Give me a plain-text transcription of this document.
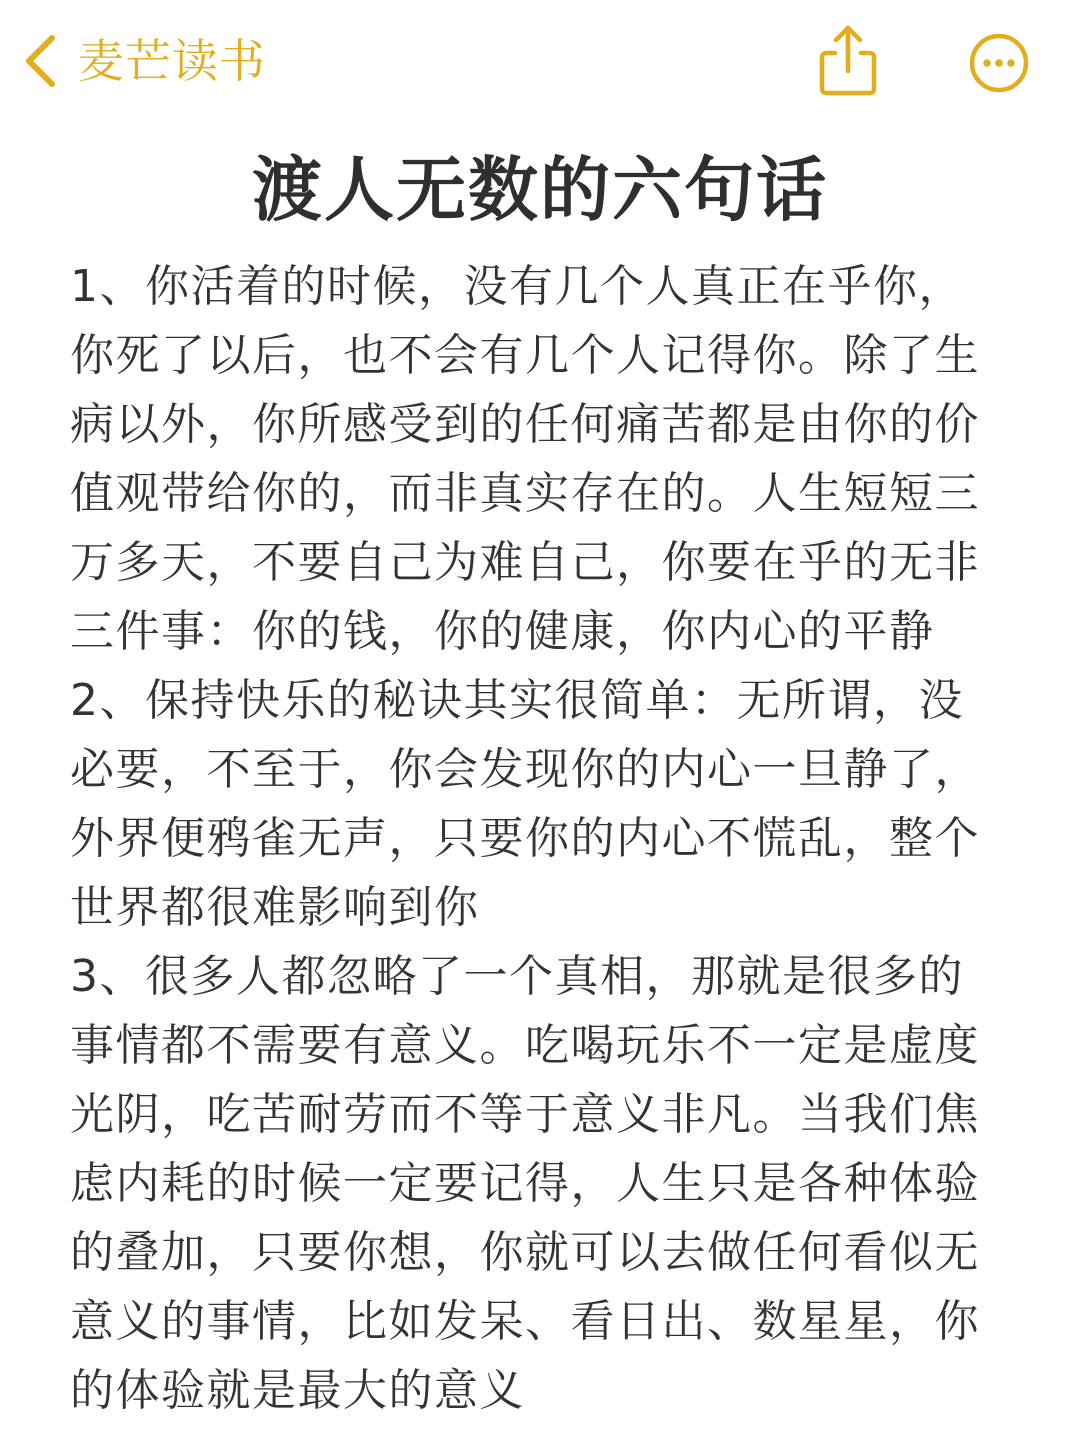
麦芒读书
渡人无数的六句话

1、你活着的时候，没有几个人真正在乎你，你死了以后，也不会有几个人记得你。除了生病以外，你所感受到的任何痛苦都是由你的价值观带给你的，而非真实存在的。人生短短三万多天，不要自己为难自己，你要在乎的无非三件事：你的钱，你的健康，你内心的平静

2、保持快乐的秘诀其实很简单：无所谓，没必要，不至于，你会发现你的内心一旦静了，外界便鸦雀无声，只要你的内心不慌乱，整个世界都很难影响到你

3、很多人都忽略了一个真相，那就是很多的事情都不需要有意义。吃喝玩乐不一定是虚度光阴，吃苦耐劳而不等于意义非凡。当我们焦虑内耗的时候一定要记得，人生只是各种体验的叠加，只要你想，你就可以去做任何看似无意义的事情，比如发呆、看日出、数星星，你的体验就是最大的意义
